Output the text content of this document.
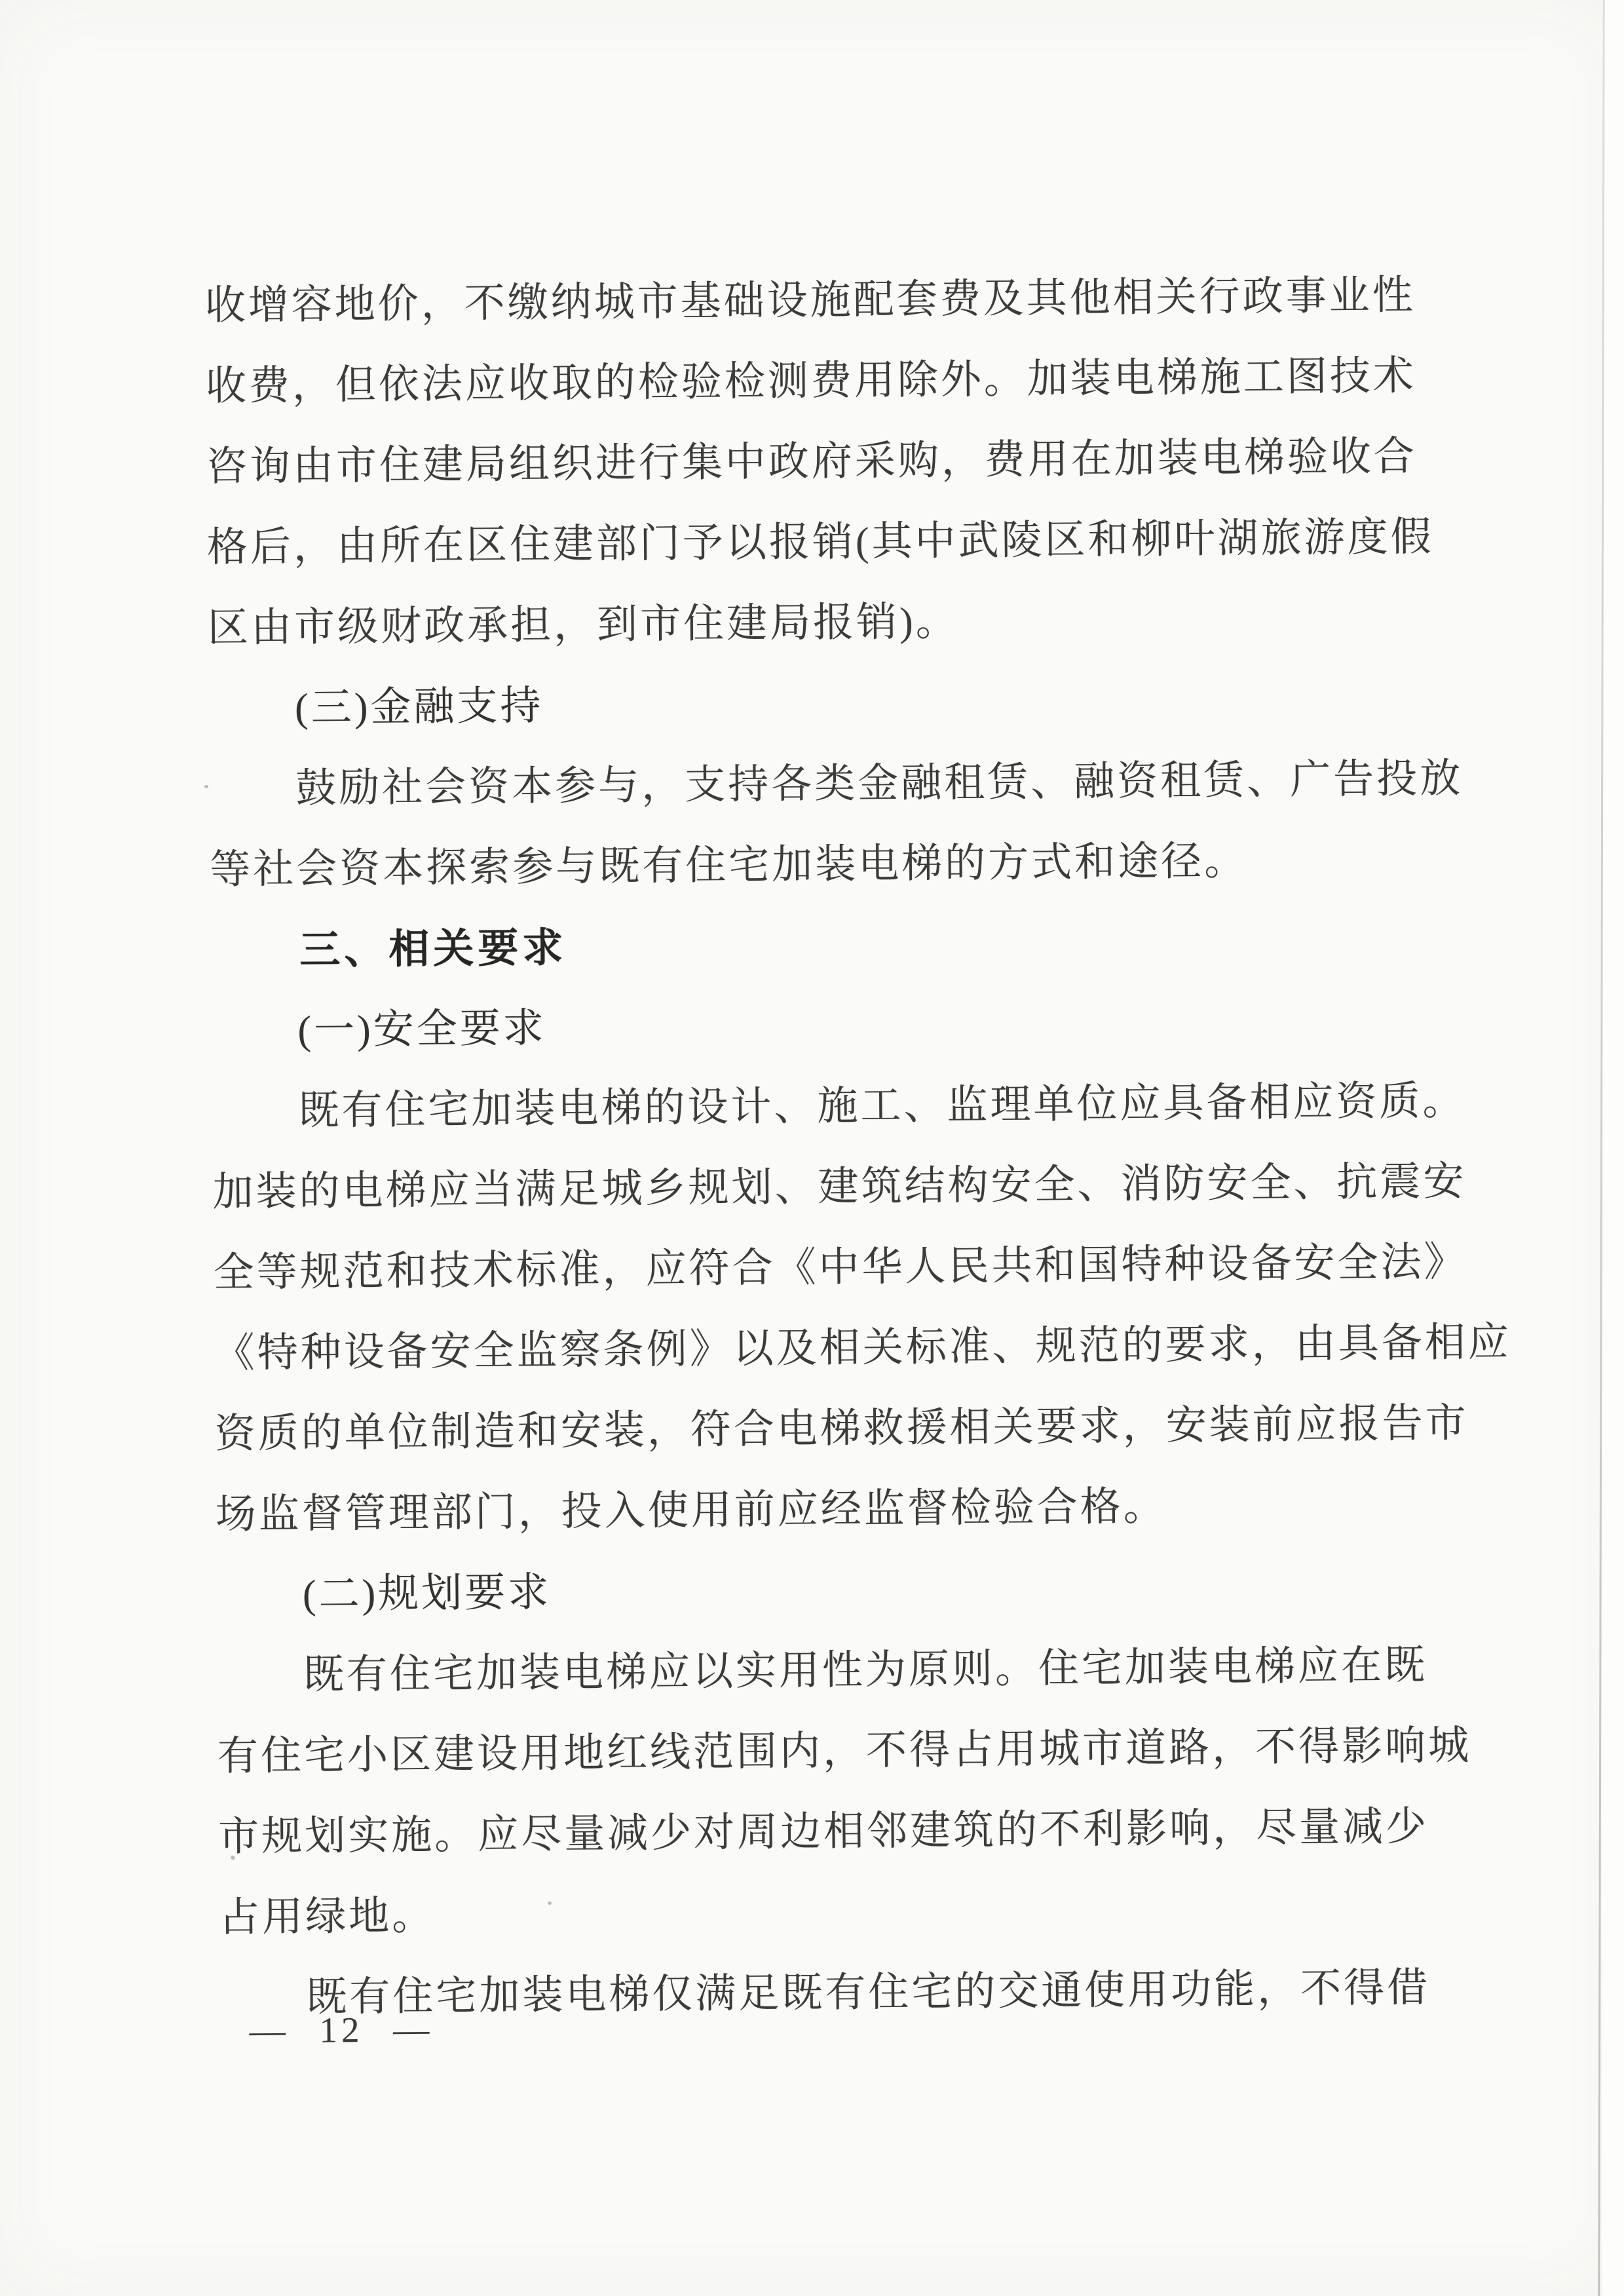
收增容地价，不缴纳城市基础设施配套费及其他相关行政事业性
收费，但依法应收取的检验检测费用除外。加装电梯施工图技术
咨询由市住建局组织进行集中政府采购，费用在加装电梯验收合
格后，由所在区住建部门予以报销(其中武陵区和柳叶湖旅游度假
区由市级财政承担，到市住建局报销)。
(三)金融支持
鼓励社会资本参与，支持各类金融租赁、融资租赁、广告投放
等社会资本探索参与既有住宅加装电梯的方式和途径。
三、相关要求
(一)安全要求
既有住宅加装电梯的设计、施工、监理单位应具备相应资质。
加装的电梯应当满足城乡规划、建筑结构安全、消防安全、抗震安
全等规范和技术标准，应符合《中华人民共和国特种设备安全法》
《特种设备安全监察条例》以及相关标准、规范的要求，由具备相应
资质的单位制造和安装，符合电梯救援相关要求，安装前应报告市
场监督管理部门，投入使用前应经监督检验合格。
(二)规划要求
既有住宅加装电梯应以实用性为原则。住宅加装电梯应在既
有住宅小区建设用地红线范围内，不得占用城市道路，不得影响城
市规划实施。应尽量减少对周边相邻建筑的不利影响，尽量减少
占用绿地。
既有住宅加装电梯仅满足既有住宅的交通使用功能，不得借
— 12 —
